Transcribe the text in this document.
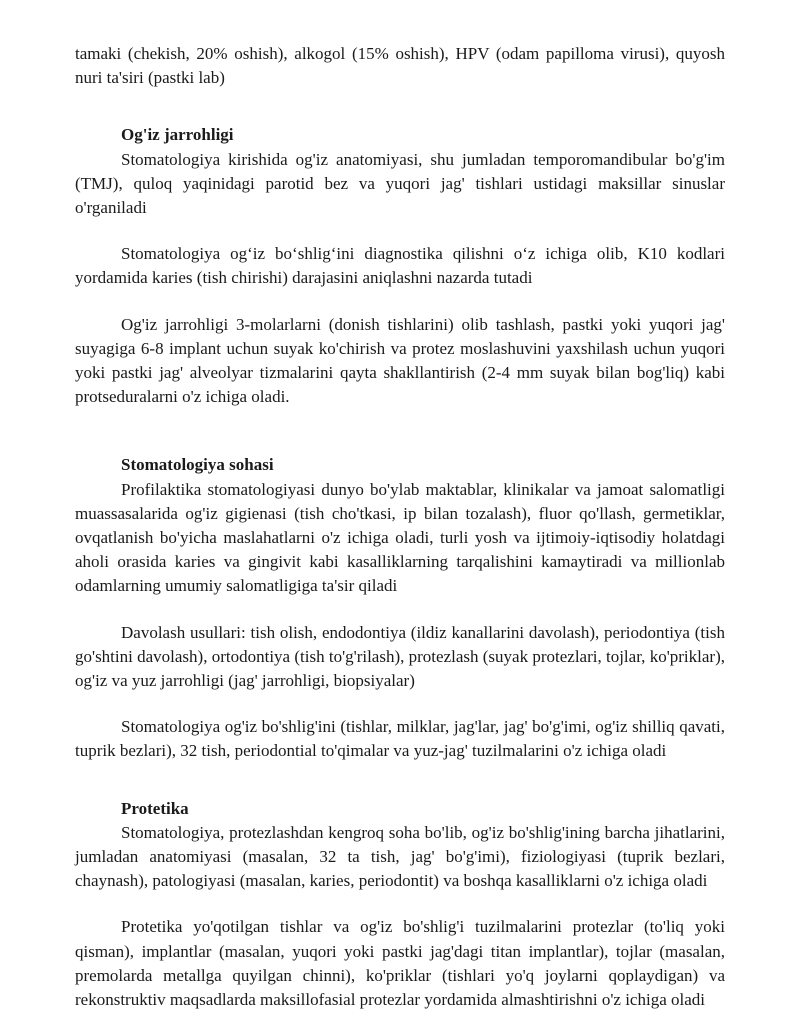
tamaki (chekish, 20% oshish), alkogol (15% oshish), HPV (odam papilloma virusi), quyosh nuri ta'siri (pastki lab)

Og'iz jarrohligi

Stomatologiya kirishida og'iz anatomiyasi, shu jumladan temporomandibular bo'g'im (TMJ), quloq yaqinidagi parotid bez va yuqori jag' tishlari ustidagi maksillar sinuslar o'rganiladi

Stomatologiya og‘iz bo‘shlig‘ini diagnostika qilishni o‘z ichiga olib, K10 kodlari yordamida karies (tish chirishi) darajasini aniqlashni nazarda tutadi

Og'iz jarrohligi 3-molarlarni (donish tishlarini) olib tashlash, pastki yoki yuqori jag' suyagiga 6-8 implant uchun suyak ko'chirish va protez moslashuvini yaxshilash uchun yuqori yoki pastki jag' alveolyar tizmalarini qayta shakllantirish (2-4 mm suyak bilan bog'liq) kabi protseduralarni o'z ichiga oladi.

Stomatologiya sohasi

Profilaktika stomatologiyasi dunyo bo'ylab maktablar, klinikalar va jamoat salomatligi muassasalarida og'iz gigienasi (tish cho'tkasi, ip bilan tozalash), fluor qo'llash, germetiklar, ovqatlanish bo'yicha maslahatlarni o'z ichiga oladi, turli yosh va ijtimoiy-iqtisodiy holatdagi aholi orasida karies va gingivit kabi kasalliklarning tarqalishini kamaytiradi va millionlab odamlarning umumiy salomatligiga ta'sir qiladi

Davolash usullari: tish olish, endodontiya (ildiz kanallarini davolash), periodontiya (tish go'shtini davolash), ortodontiya (tish to'g'rilash), protezlash (suyak protezlari, tojlar, ko'priklar), og'iz va yuz jarrohligi (jag' jarrohligi, biopsiyalar)

Stomatologiya og'iz bo'shlig'ini (tishlar, milklar, jag'lar, jag' bo'g'imi, og'iz shilliq qavati, tuprik bezlari), 32 tish, periodontial to'qimalar va yuz-jag' tuzilmalarini o'z ichiga oladi

Protetika

Stomatologiya, protezlashdan kengroq soha bo'lib, og'iz bo'shlig'ining barcha jihatlarini, jumladan anatomiyasi (masalan, 32 ta tish, jag' bo'g'imi), fiziologiyasi (tuprik bezlari, chaynash), patologiyasi (masalan, karies, periodontit) va boshqa kasalliklarni o'z ichiga oladi

Protetika yo'qotilgan tishlar va og'iz bo'shlig'i tuzilmalarini protezlar (to'liq yoki qisman), implantlar (masalan, yuqori yoki pastki jag'dagi titan implantlar), tojlar (masalan, premolarda metallga quyilgan chinni), ko'priklar (tishlari yo'q joylarni qoplaydigan) va rekonstruktiv maqsadlarda maksillofasial protezlar yordamida almashtirishni o'z ichiga oladi
